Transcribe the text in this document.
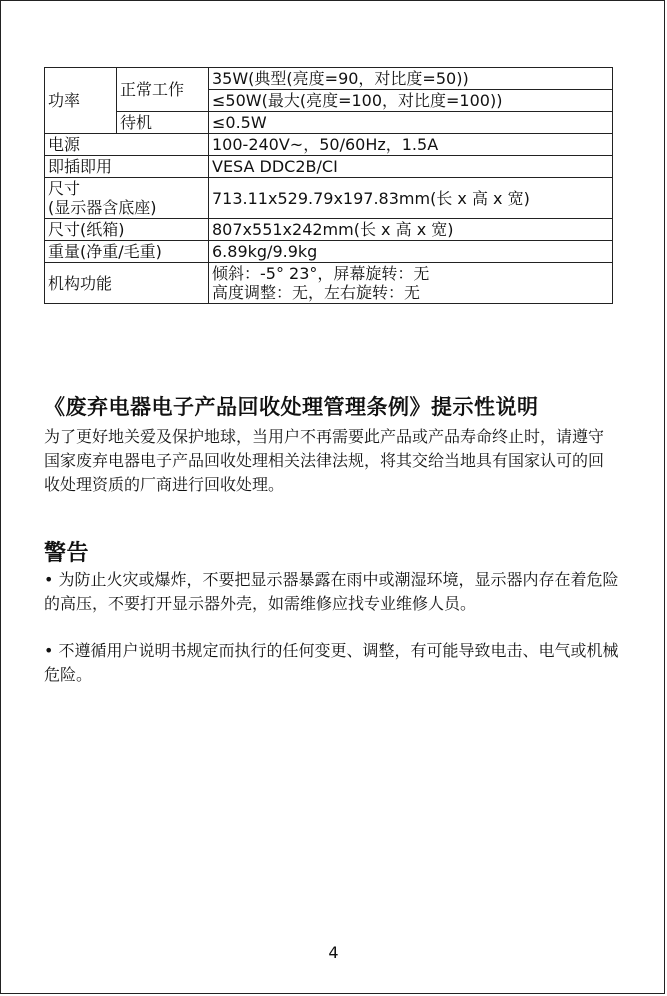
功率	正常工作	35W(典型(亮度=90，对比度=50))
		≤50W(最大(亮度=100，对比度=100))
	待机	≤0.5W
电源		100-240V~，50/60Hz，1.5A
即插即用		VESA DDC2B/CI

尺寸
(显示器含底座)		713.11x529.79x197.83mm(长 x 高 x 宽)
尺寸(纸箱)		807x551x242mm(长 x 高 x 宽)
重量(净重/毛重)		6.89kg/9.9kg
机构功能		倾斜：-5° 23°，屏幕旋转：无
高度调整：无，左右旋转：无
《废弃电器电子产品回收处理管理条例》提示性说明

为了更好地关爱及保护地球，当用户不再需要此产品或产品寿命终止时，请遵守国家废弃电器电子产品回收处理相关法律法规，将其交给当地具有国家认可的回收处理资质的厂商进行回收处理。

警告

• 为防止火灾或爆炸，不要把显示器暴露在雨中或潮湿环境，显示器内存在着危险的高压，不要打开显示器外壳，如需维修应找专业维修人员。

• 不遵循用户说明书规定而执行的任何变更、调整，有可能导致电击、电气或机械危险。

4
